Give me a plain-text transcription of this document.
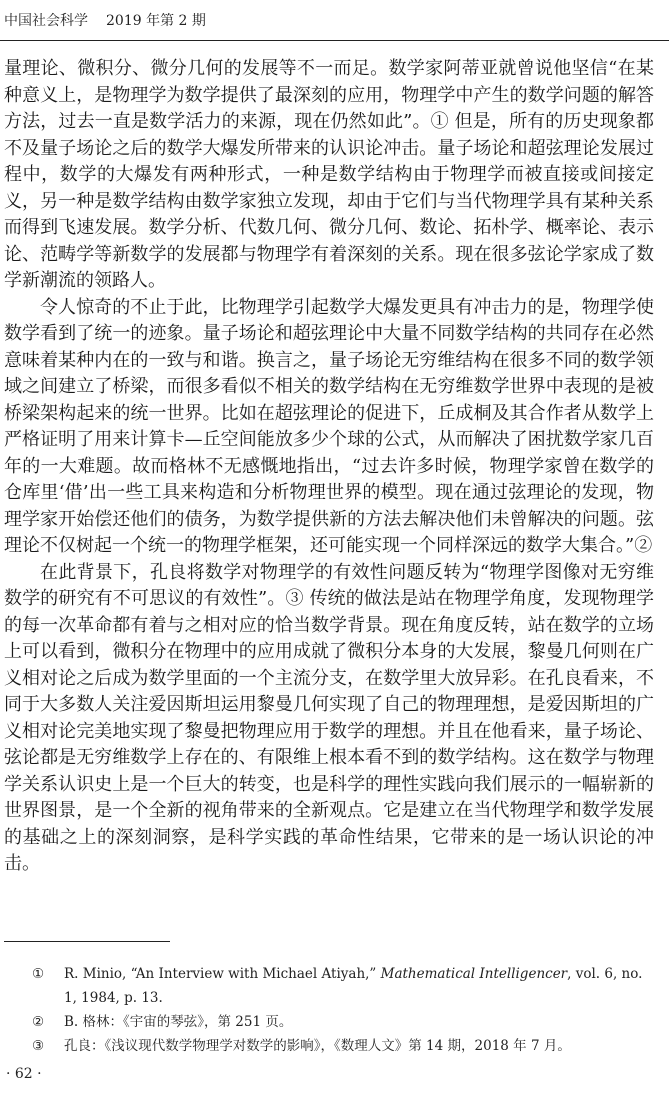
中国社会科学 2019 年第 2 期

量理论、微积分、微分几何的发展等不一而足。数学家阿蒂亚就曾说他坚信“在某种意义上，是物理学为数学提供了最深刻的应用，物理学中产生的数学问题的解答方法，过去一直是数学活力的来源，现在仍然如此”。① 但是，所有的历史现象都不及量子场论之后的数学大爆发所带来的认识论冲击。量子场论和超弦理论发展过程中，数学的大爆发有两种形式，一种是数学结构由于物理学而被直接或间接定义，另一种是数学结构由数学家独立发现，却由于它们与当代物理学具有某种关系而得到飞速发展。数学分析、代数几何、微分几何、数论、拓朴学、概率论、表示论、范畴学等新数学的发展都与物理学有着深刻的关系。现在很多弦论学家成了数学新潮流的领路人。

令人惊奇的不止于此，比物理学引起数学大爆发更具有冲击力的是，物理学使数学看到了统一的迹象。量子场论和超弦理论中大量不同数学结构的共同存在必然意味着某种内在的一致与和谐。换言之，量子场论无穷维结构在很多不同的数学领域之间建立了桥梁，而很多看似不相关的数学结构在无穷维数学世界中表现的是被桥梁架构起来的统一世界。比如在超弦理论的促进下，丘成桐及其合作者从数学上严格证明了用来计算卡—丘空间能放多少个球的公式，从而解决了困扰数学家几百年的一大难题。故而格林不无感慨地指出，“过去许多时候，物理学家曾在数学的仓库里‘借’出一些工具来构造和分析物理世界的模型。现在通过弦理论的发现，物理学家开始偿还他们的债务，为数学提供新的方法去解决他们未曾解决的问题。弦理论不仅树起一个统一的物理学框架，还可能实现一个同样深远的数学大集合。”②

在此背景下，孔良将数学对物理学的有效性问题反转为“物理学图像对无穷维数学的研究有不可思议的有效性”。③ 传统的做法是站在物理学角度，发现物理学的每一次革命都有着与之相对应的恰当数学背景。现在角度反转，站在数学的立场上可以看到，微积分在物理中的应用成就了微积分本身的大发展，黎曼几何则在广义相对论之后成为数学里面的一个主流分支，在数学里大放异彩。在孔良看来，不同于大多数人关注爱因斯坦运用黎曼几何实现了自己的物理理想，是爱因斯坦的广义相对论完美地实现了黎曼把物理应用于数学的理想。并且在他看来，量子场论、弦论都是无穷维数学上存在的、有限维上根本看不到的数学结构。这在数学与物理学关系认识史上是一个巨大的转变，也是科学的理性实践向我们展示的一幅崭新的世界图景，是一个全新的视角带来的全新观点。它是建立在当代物理学和数学发展的基础之上的深刻洞察，是科学实践的革命性结果，它带来的是一场认识论的冲击。

① R. Minio, “An Interview with Michael Atiyah,” Mathematical Intelligencer, vol. 6, no. 1, 1984, p. 13.
② B. 格林：《宇宙的琴弦》，第 251 页。
③ 孔良：《浅议现代数学物理学对数学的影响》，《数理人文》第 14 期，2018 年 7 月。
· 62 ·
